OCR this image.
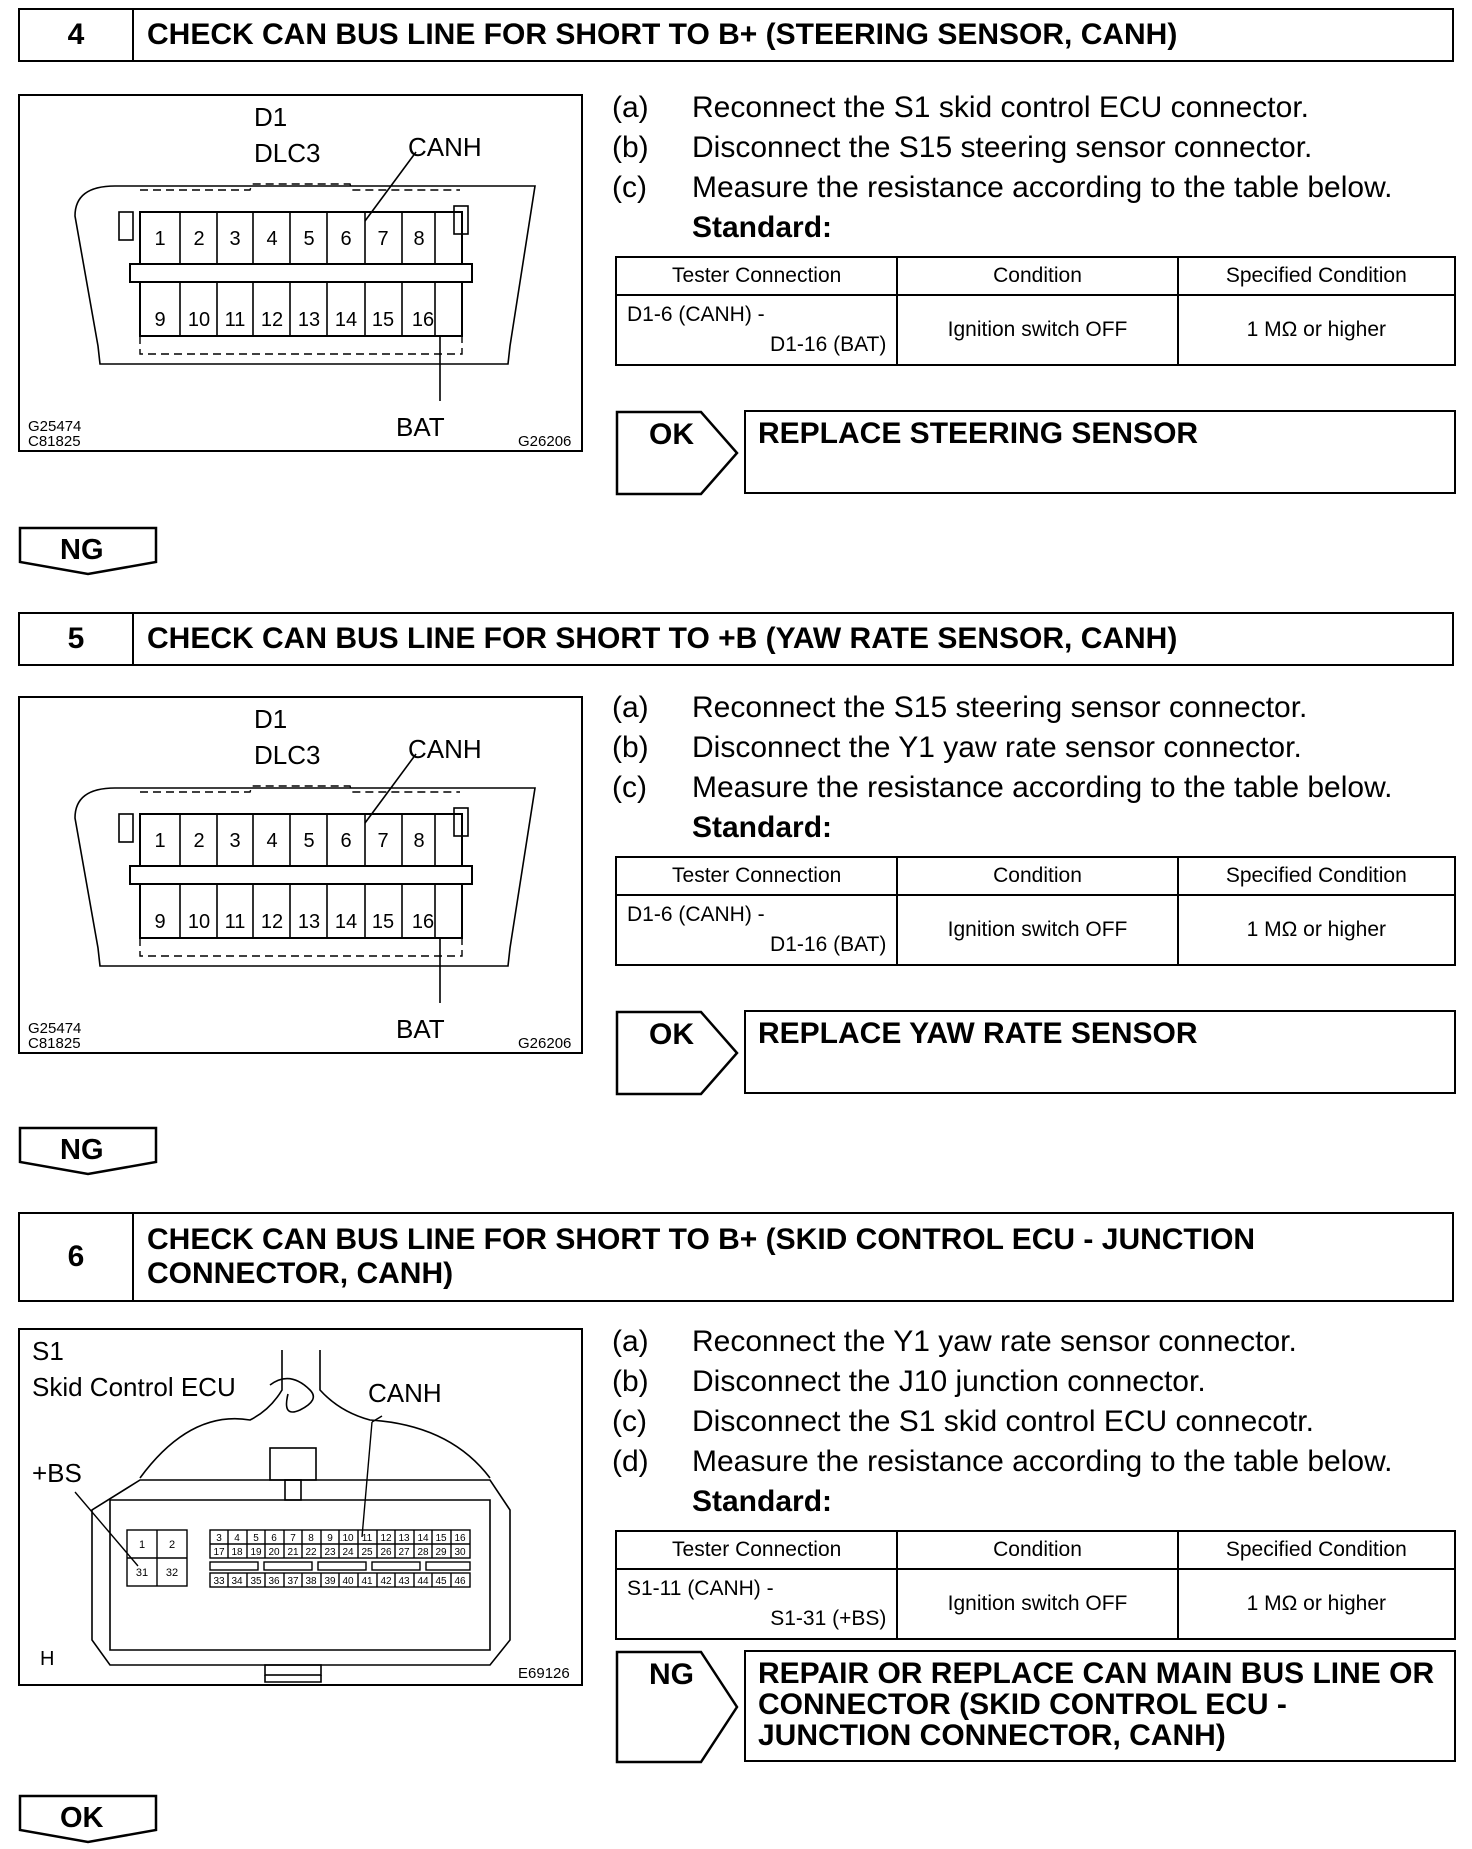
4	CHECK CAN BUS LINE FOR SHORT TO B+ (STEERING SENSOR, CANH)
1 2 3 4 5 6 7 8
9 10 11 12 13 14 15 16
D1
DLC3	CANH
BAT
G25474
C81825	G26206
(a) Reconnect the S1 skid control ECU connector.
(b) Disconnect the S15 steering sensor connector.
(c) Measure the resistance according to the table below.
Standard:
Tester Connection	Condition	Specified Condition

D1-6 (CANH) -
D1-16 (BAT)	Ignition switch OFF	1 MΩ or higher
OK	REPLACE STEERING SENSOR
NG
5	CHECK CAN BUS LINE FOR SHORT TO +B (YAW RATE SENSOR, CANH)
1 2 3 4 5 6 7 8
9 10 11 12 13 14 15 16
D1
DLC3	CANH
BAT
G25474
C81825	G26206
(a) Reconnect the S15 steering sensor connector.
(b) Disconnect the Y1 yaw rate sensor connector.
(c) Measure the resistance according to the table below.
Standard:
Tester Connection	Condition	Specified Condition

D1-6 (CANH) -
D1-16 (BAT)	Ignition switch OFF	1 MΩ or higher
OK	REPLACE YAW RATE SENSOR
NG
6
CHECK CAN BUS LINE FOR SHORT TO B+ (SKID CONTROL ECU - JUNCTION CONNECTOR, CANH)
1 2
31 32
3 4 5 6 7 8 9 10 11 12 13 14 15 16
17 18 19 20 21 22 23 24 25 26 27 28 29 30
33 34 35 36 37 38 39 40 41 42 43 44 45 46
S1
Skid Control ECU	CANH
+BS
H
E69126
(a) Reconnect the Y1 yaw rate sensor connector.
(b) Disconnect the J10 junction connector.
(c) Disconnect the S1 skid control ECU connecotr.
(d) Measure the resistance according to the table below.
Standard:
Tester Connection	Condition	Specified Condition

S1-11 (CANH) -
S1-31 (+BS)	Ignition switch OFF	1 MΩ or higher
NG	REPAIR OR REPLACE CAN MAIN BUS LINE OR CONNECTOR (SKID CONTROL ECU - JUNCTION CONNECTOR, CANH)
OK
